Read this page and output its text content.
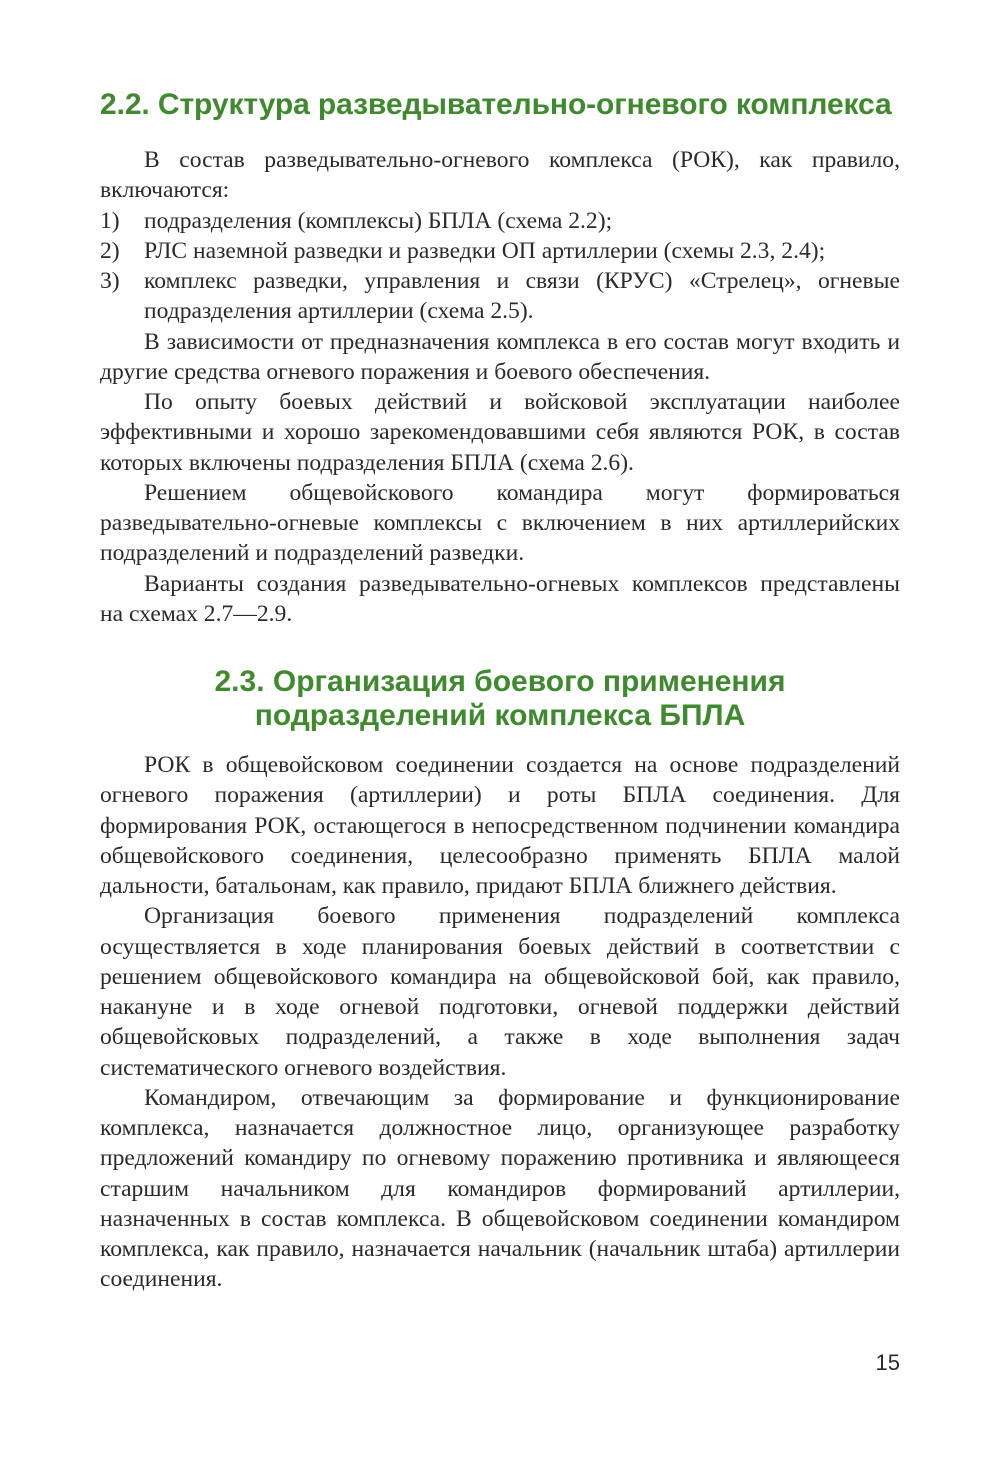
2.2. Структура разведывательно-огневого комплекса

В состав разведывательно-огневого комплекса (РОК), как правило, включаются:

1)	подразделения (комплексы) БПЛА (схема 2.2);
2)	РЛС наземной разведки и разведки ОП артиллерии (схемы 2.3, 2.4);
3)	комплекс разведки, управления и связи (КРУС) «Стрелец», огневые подразделения артиллерии (схема 2.5).

В зависимости от предназначения комплекса в его состав могут входить и другие средства огневого поражения и боевого обеспечения.

По опыту боевых действий и войсковой эксплуатации наиболее эффективными и хорошо зарекомендовавшими себя являются РОК, в состав которых включены подразделения БПЛА (схема 2.6).

Решением общевойскового командира могут формироваться разведывательно-огневые комплексы с включением в них артиллерийских подразделений и подразделений разведки.

Варианты создания разведывательно-огневых комплексов представлены на схемах 2.7—2.9.

2.3. Организация боевого применения
подразделений комплекса БПЛА

РОК в общевойсковом соединении создается на основе подразделений огневого поражения (артиллерии) и роты БПЛА соединения. Для формирования РОК, остающегося в непосредственном подчинении командира общевойскового соединения, целесообразно применять БПЛА малой дальности, батальонам, как правило, придают БПЛА ближнего действия.

Организация боевого применения подразделений комплекса осуществляется в ходе планирования боевых действий в соответствии с решением общевойскового командира на общевойсковой бой, как правило, накануне и в ходе огневой подготовки, огневой поддержки действий общевойсковых подразделений, а также в ходе выполнения задач систематического огневого воздействия.

Командиром, отвечающим за формирование и функционирование комплекса, назначается должностное лицо, организующее разработку предложений командиру по огневому поражению противника и являющееся старшим начальником для командиров формирований артиллерии, назначенных в состав комплекса. В общевойсковом соединении командиром комплекса, как правило, назначается начальник (начальник штаба) артиллерии соединения.

15
